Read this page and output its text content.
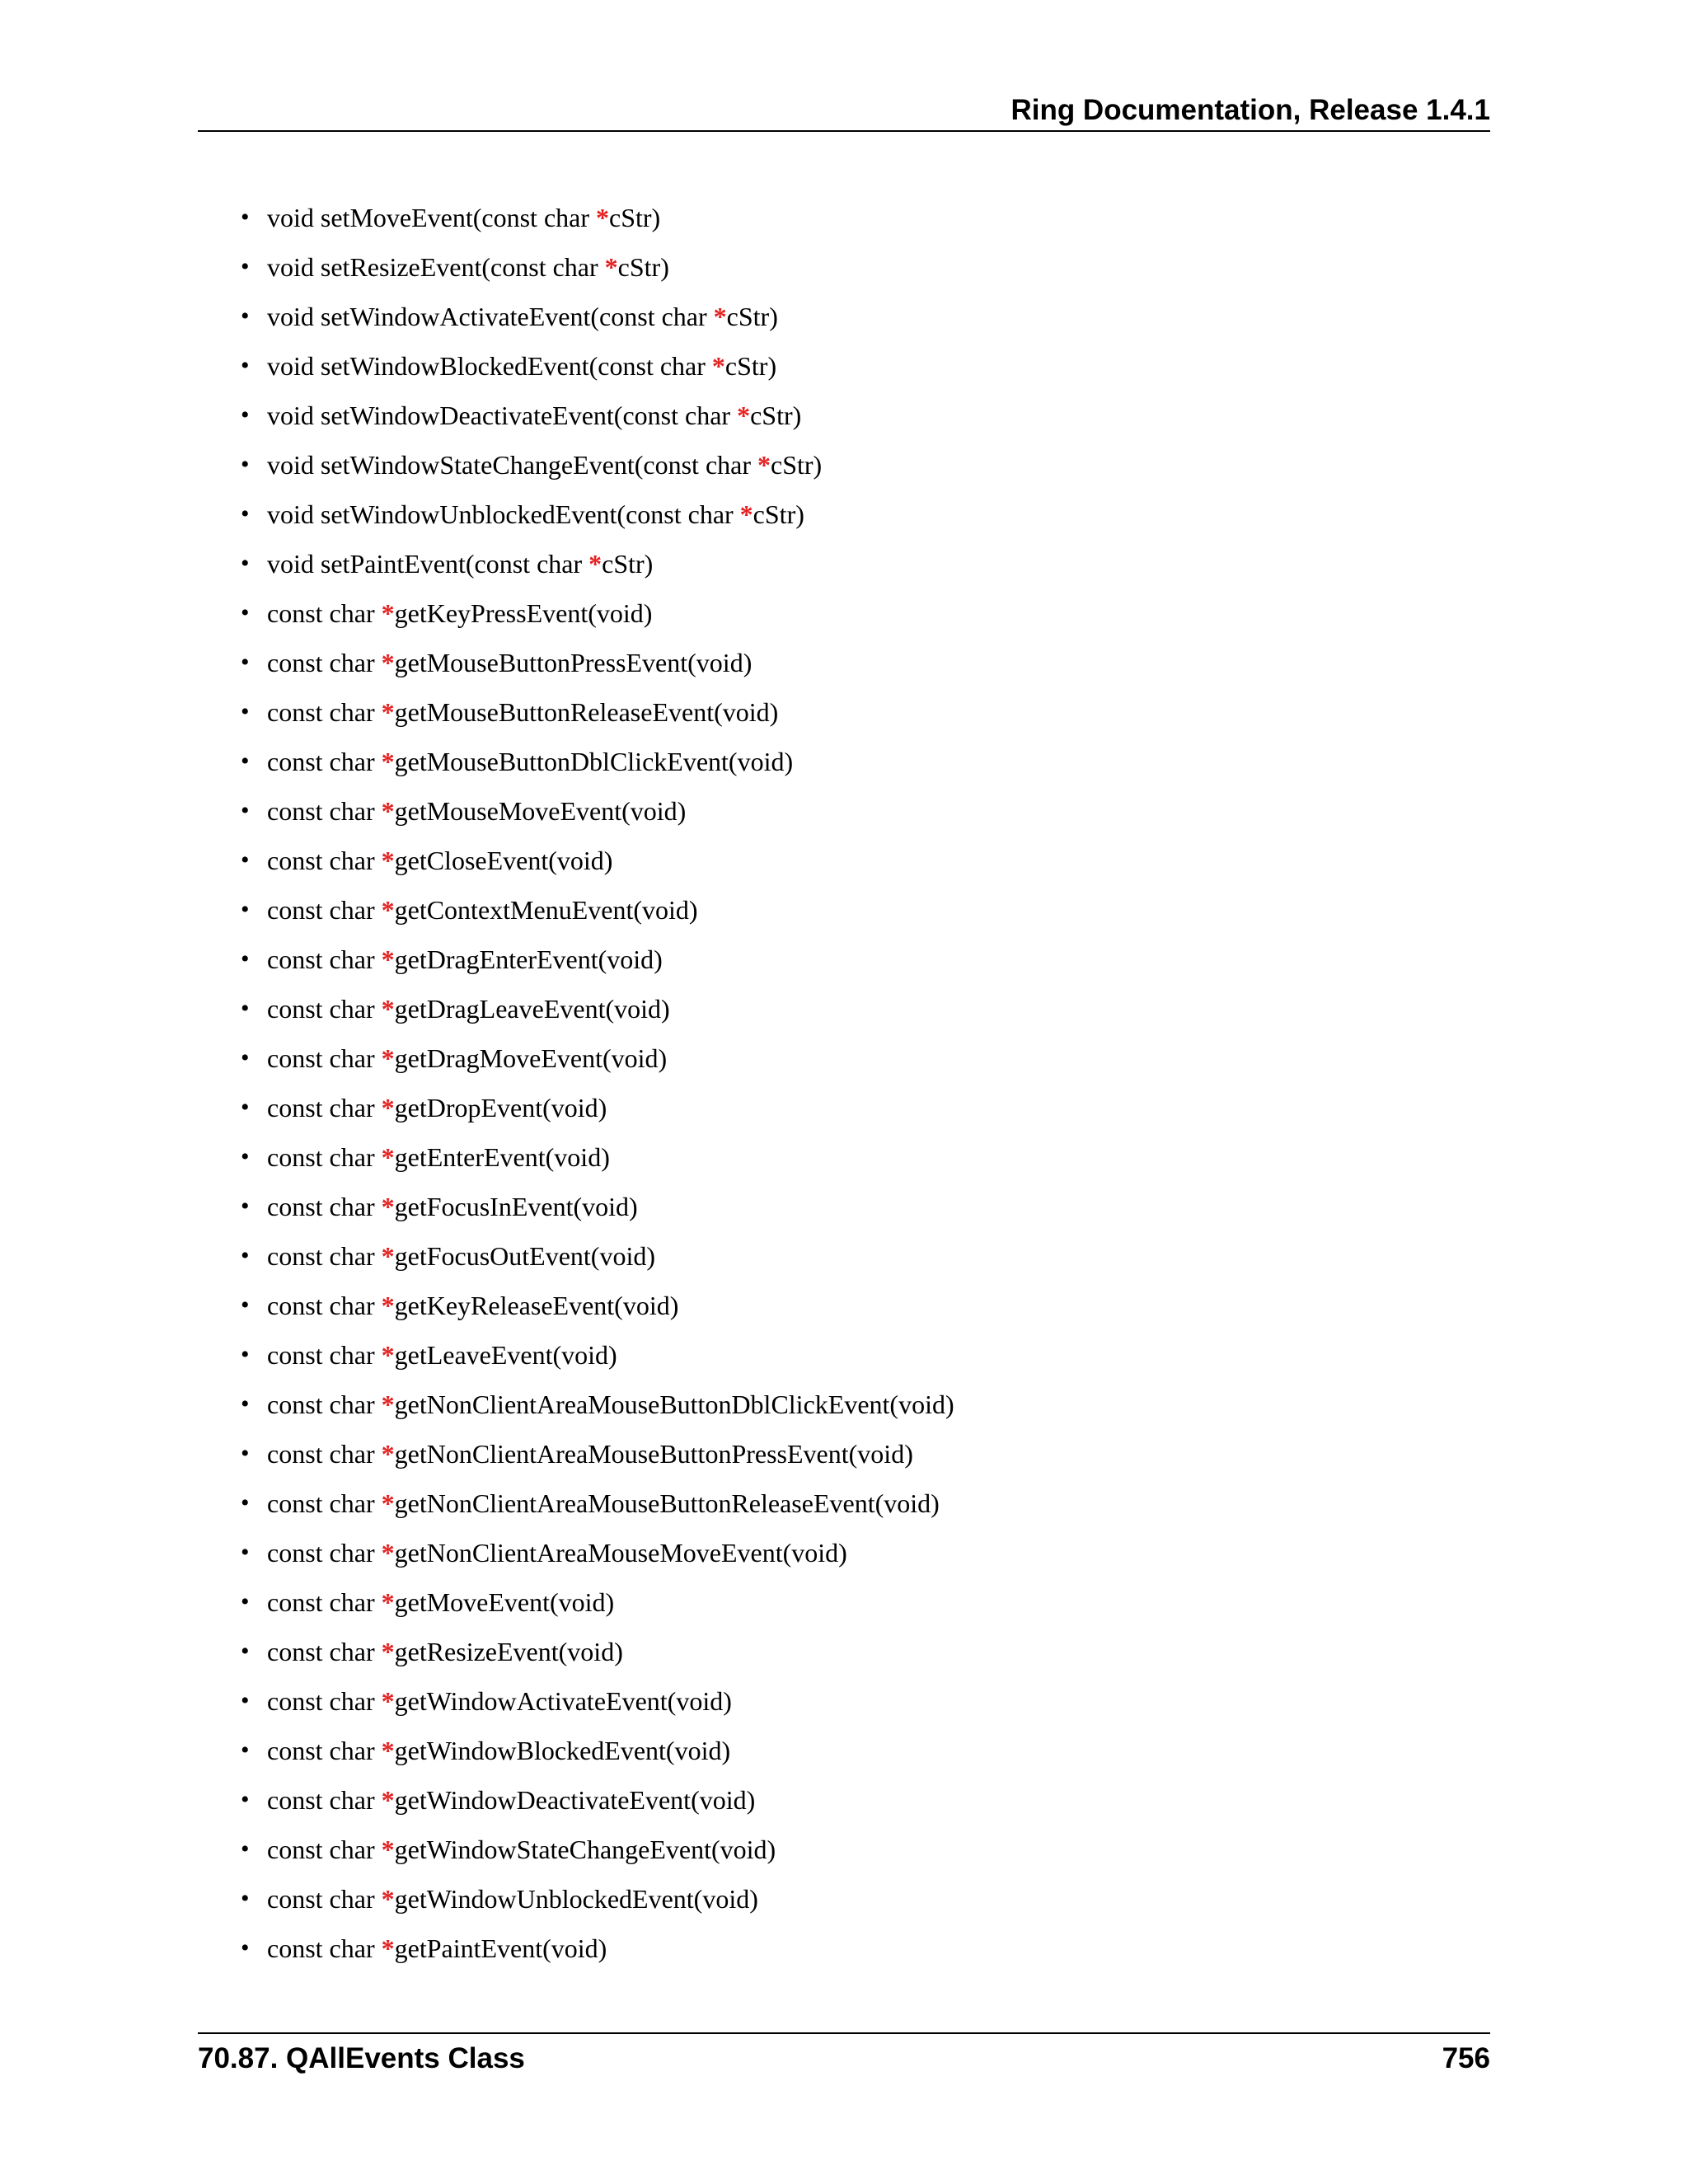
Ring Documentation, Release 1.4.1
• void setMoveEvent(const char *cStr)
• void setResizeEvent(const char *cStr)
• void setWindowActivateEvent(const char *cStr)
• void setWindowBlockedEvent(const char *cStr)
• void setWindowDeactivateEvent(const char *cStr)
• void setWindowStateChangeEvent(const char *cStr)
• void setWindowUnblockedEvent(const char *cStr)
• void setPaintEvent(const char *cStr)
• const char *getKeyPressEvent(void)
• const char *getMouseButtonPressEvent(void)
• const char *getMouseButtonReleaseEvent(void)
• const char *getMouseButtonDblClickEvent(void)
• const char *getMouseMoveEvent(void)
• const char *getCloseEvent(void)
• const char *getContextMenuEvent(void)
• const char *getDragEnterEvent(void)
• const char *getDragLeaveEvent(void)
• const char *getDragMoveEvent(void)
• const char *getDropEvent(void)
• const char *getEnterEvent(void)
• const char *getFocusInEvent(void)
• const char *getFocusOutEvent(void)
• const char *getKeyReleaseEvent(void)
• const char *getLeaveEvent(void)
• const char *getNonClientAreaMouseButtonDblClickEvent(void)
• const char *getNonClientAreaMouseButtonPressEvent(void)
• const char *getNonClientAreaMouseButtonReleaseEvent(void)
• const char *getNonClientAreaMouseMoveEvent(void)
• const char *getMoveEvent(void)
• const char *getResizeEvent(void)
• const char *getWindowActivateEvent(void)
• const char *getWindowBlockedEvent(void)
• const char *getWindowDeactivateEvent(void)
• const char *getWindowStateChangeEvent(void)
• const char *getWindowUnblockedEvent(void)
• const char *getPaintEvent(void)
70.87. QAllEvents Class	756
